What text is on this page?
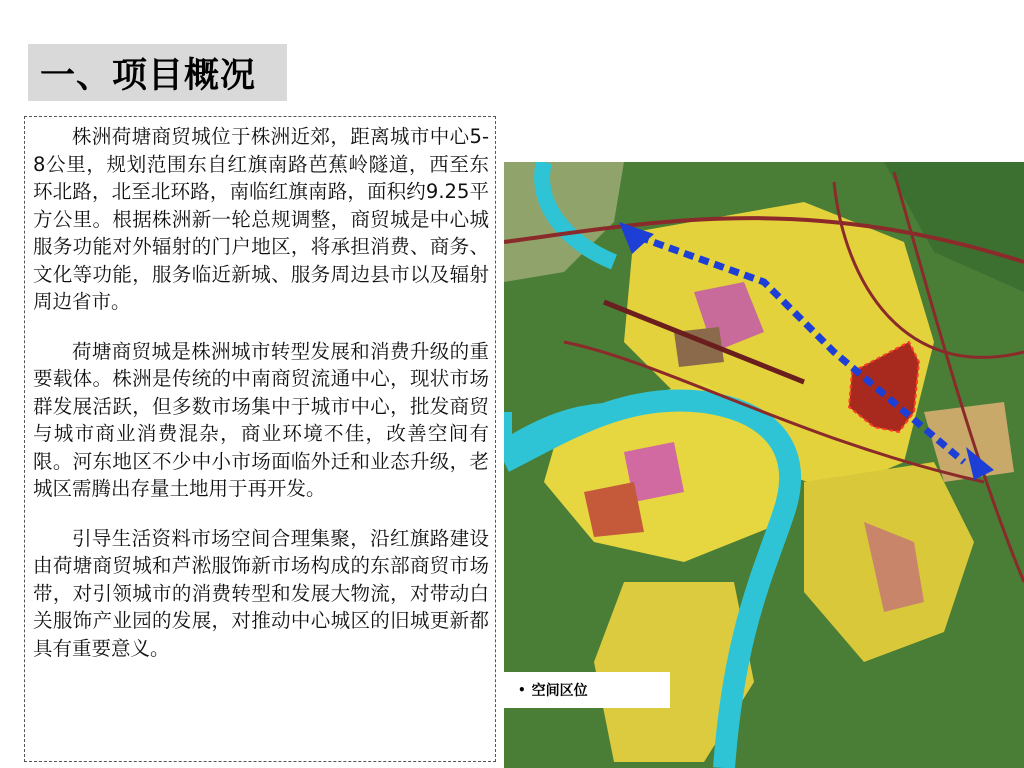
一、项目概况

株洲荷塘商贸城位于株洲近郊，距离城市中心5-8公里，规划范围东自红旗南路芭蕉岭隧道，西至东环北路，北至北环路，南临红旗南路，面积约9.25平方公里。根据株洲新一轮总规调整，商贸城是中心城服务功能对外辐射的门户地区，将承担消费、商务、文化等功能，服务临近新城、服务周边县市以及辐射周边省市。

荷塘商贸城是株洲城市转型发展和消费升级的重要载体。株洲是传统的中南商贸流通中心，现状市场群发展活跃，但多数市场集中于城市中心，批发商贸与城市商业消费混杂，商业环境不佳，改善空间有限。河东地区不少中小市场面临外迁和业态升级，老城区需腾出存量土地用于再开发。

引导生活资料市场空间合理集聚，沿红旗路建设由荷塘商贸城和芦淞服饰新市场构成的东部商贸市场带，对引领城市的消费转型和发展大物流，对带动白关服饰产业园的发展，对推动中心城区的旧城更新都具有重要意义。

• 空间区位
